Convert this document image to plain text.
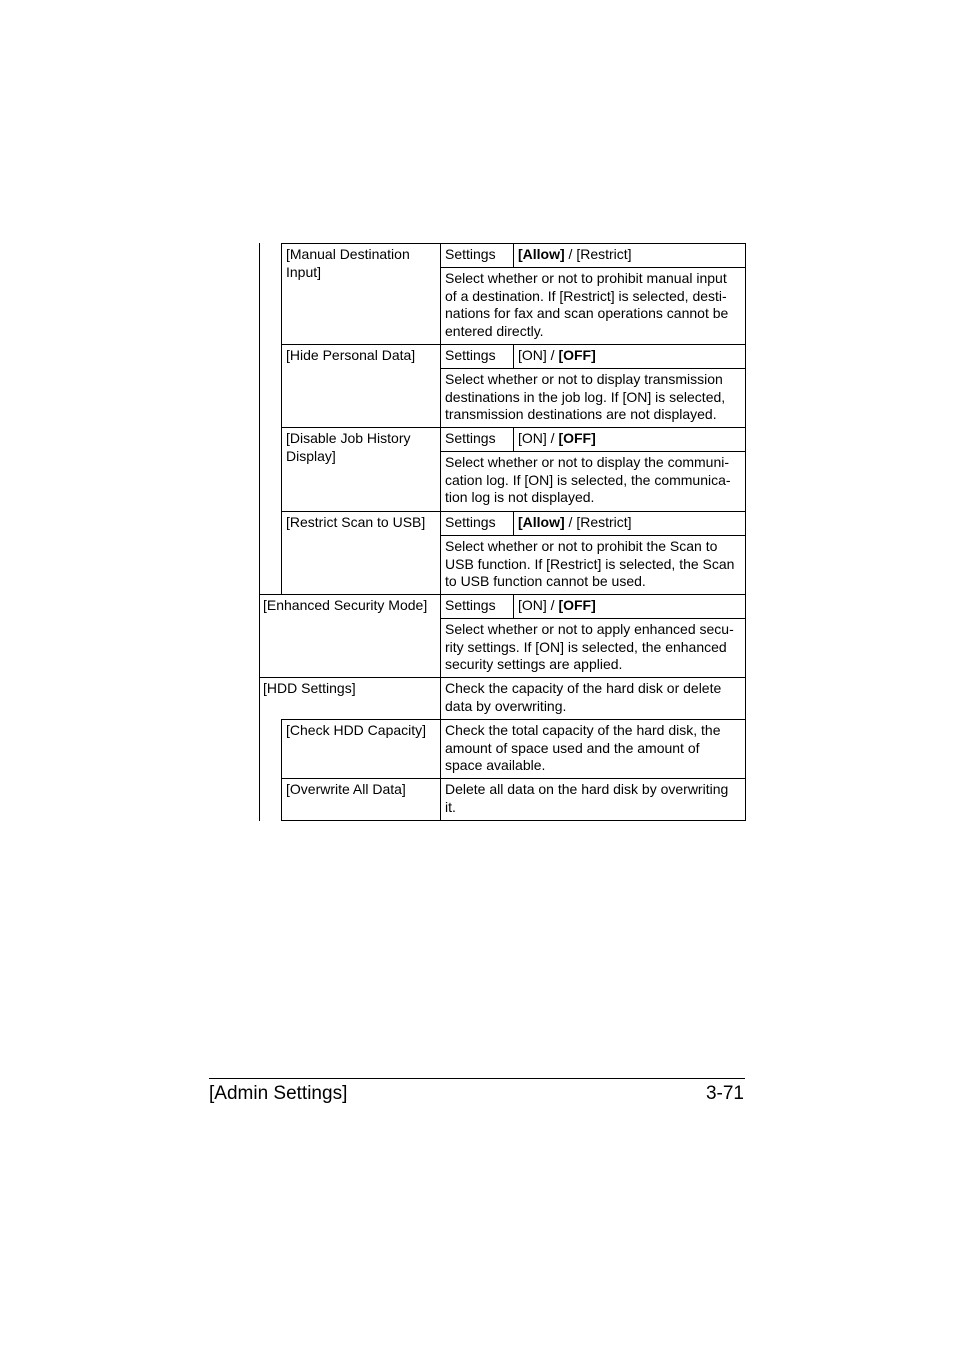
[Manual Destination
Input]
Settings [Allow] / [Restrict]
Select whether or not to prohibit manual input
of a destination. If [Restrict] is selected, desti-
nations for fax and scan operations cannot be
entered directly.
[Hide Personal Data] Settings [ON] / [OFF]
Select whether or not to display transmission
destinations in the job log. If [ON] is selected,
transmission destinations are not displayed.
[Disable Job History
Display]
Settings [ON] / [OFF]
Select whether or not to display the communi-
cation log. If [ON] is selected, the communica-
tion log is not displayed.
[Restrict Scan to USB] Settings [Allow] / [Restrict]
Select whether or not to prohibit the Scan to
USB function. If [Restrict] is selected, the Scan
to USB function cannot be used.
[Enhanced Security Mode] Settings [ON] / [OFF]
Select whether or not to apply enhanced secu-
rity settings. If [ON] is selected, the enhanced
security settings are applied.
[HDD Settings]	Check the capacity of the hard disk or delete
data by overwriting.
[Check HDD Capacity] Check the total capacity of the hard disk, the
amount of space used and the amount of
space available.
[Overwrite All Data]	Delete all data on the hard disk by overwriting
it.
[Admin Settings]	3-71
